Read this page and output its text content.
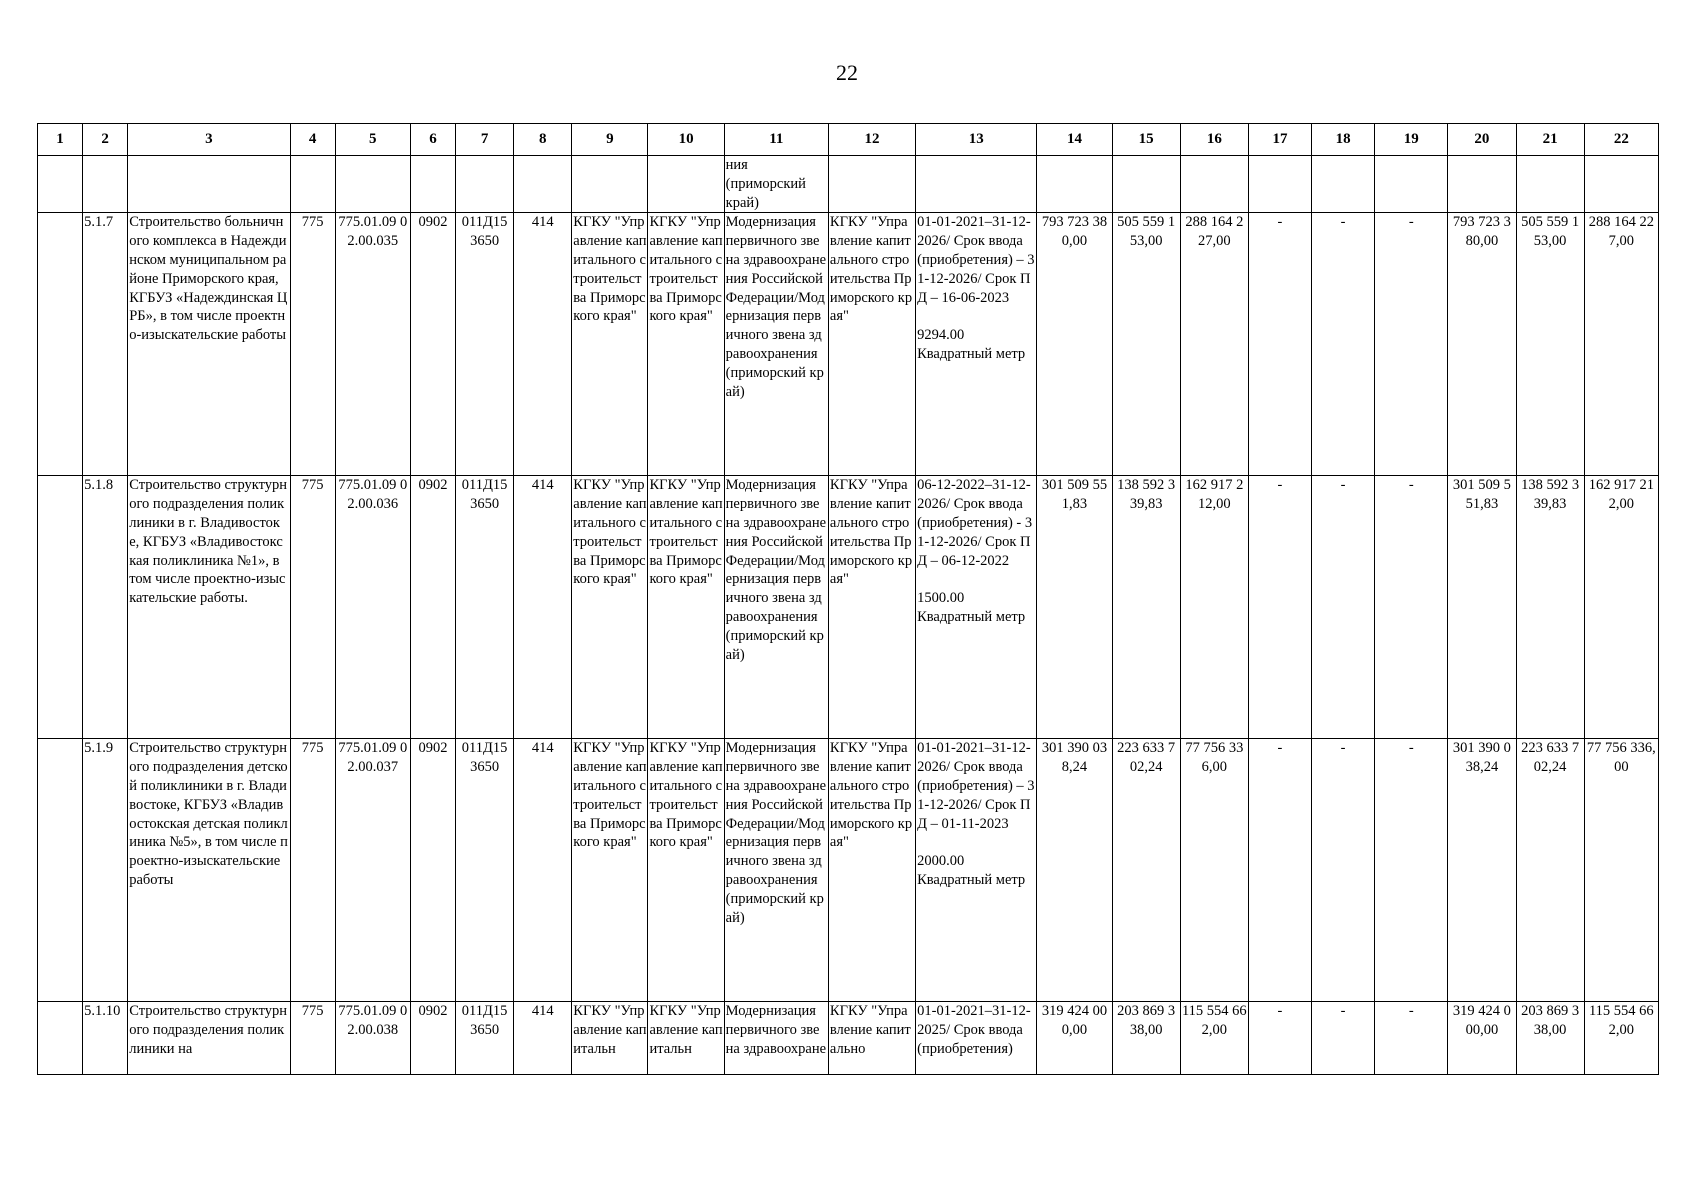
22
1	2	3	4	5	6	7	8	9	10	11	12	13	14	15	16	17	18	19	20	21	22
										ния
(приморский
край)											
	5.1.7	Строительство больничного комплекса в Надеждинском муниципальном районе Приморского края, КГБУЗ «Надеждинская ЦРБ», в том числе проектно-изыскательские работы	775	775.01.09 02.00.035	0902	011Д15 3650	414	КГКУ "Управление капитального строительства Приморского края"	КГКУ "Управление капитального строительства Приморского края"	Модернизация первичного звена здравоохранения Российской Федерации/Модернизация первичного звена здравоохранения (приморский край)	КГКУ "Управление капитального строительства Приморского края"	01-01-2021–31-12-2026/ Срок ввода (приобретения) – 31-12-2026/ Срок ПД – 16-06-2023

9294.00
Квадратный метр	793 723 380,00	505 559 153,00	288 164 227,00	-	-	-	793 723 380,00	505 559 153,00	288 164 227,00
	5.1.8	Строительство структурного подразделения поликлиники в г. Владивостоке, КГБУЗ «Владивостокская поликлиника №1», в том числе проектно-изыскательские работы.	775	775.01.09 02.00.036	0902	011Д15 3650	414	КГКУ "Управление капитального строительства Приморского края"	КГКУ "Управление капитального строительства Приморского края"	Модернизация первичного звена здравоохранения Российской Федерации/Модернизация первичного звена здравоохранения (приморский край)	КГКУ "Управление капитального строительства Приморского края"	06-12-2022–31-12-2026/ Срок ввода (приобретения) - 31-12-2026/ Срок ПД – 06-12-2022

1500.00
Квадратный метр	301 509 551,83	138 592 339,83	162 917 212,00	-	-	-	301 509 551,83	138 592 339,83	162 917 212,00
	5.1.9	Строительство структурного подразделения детской поликлиники в г. Владивостоке, КГБУЗ «Владивостокская детская поликлиника №5», в том числе проектно-изыскательские работы	775	775.01.09 02.00.037	0902	011Д15 3650	414	КГКУ "Управление капитального строительства Приморского края"	КГКУ "Управление капитального строительства Приморского края"	Модернизация первичного звена здравоохранения Российской Федерации/Модернизация первичного звена здравоохранения (приморский край)	КГКУ "Управление капитального строительства Приморского края"	01-01-2021–31-12-2026/ Срок ввода (приобретения) – 31-12-2026/ Срок ПД – 01-11-2023

2000.00
Квадратный метр	301 390 038,24	223 633 702,24	77 756 336,00	-	-	-	301 390 038,24	223 633 702,24	77 756 336,00
	5.1.10	Строительство структурного подразделения поликлиники на	775	775.01.09 02.00.038	0902	011Д15 3650	414	КГКУ "Управление капитальн	КГКУ "Управление капитальн	Модернизация первичного звена здравоохране	КГКУ "Управление капитально	01-01-2021–31-12-2025/ Срок ввода (приобретения)	319 424 000,00	203 869 338,00	115 554 662,00	-	-	-	319 424 000,00	203 869 338,00	115 554 662,00
